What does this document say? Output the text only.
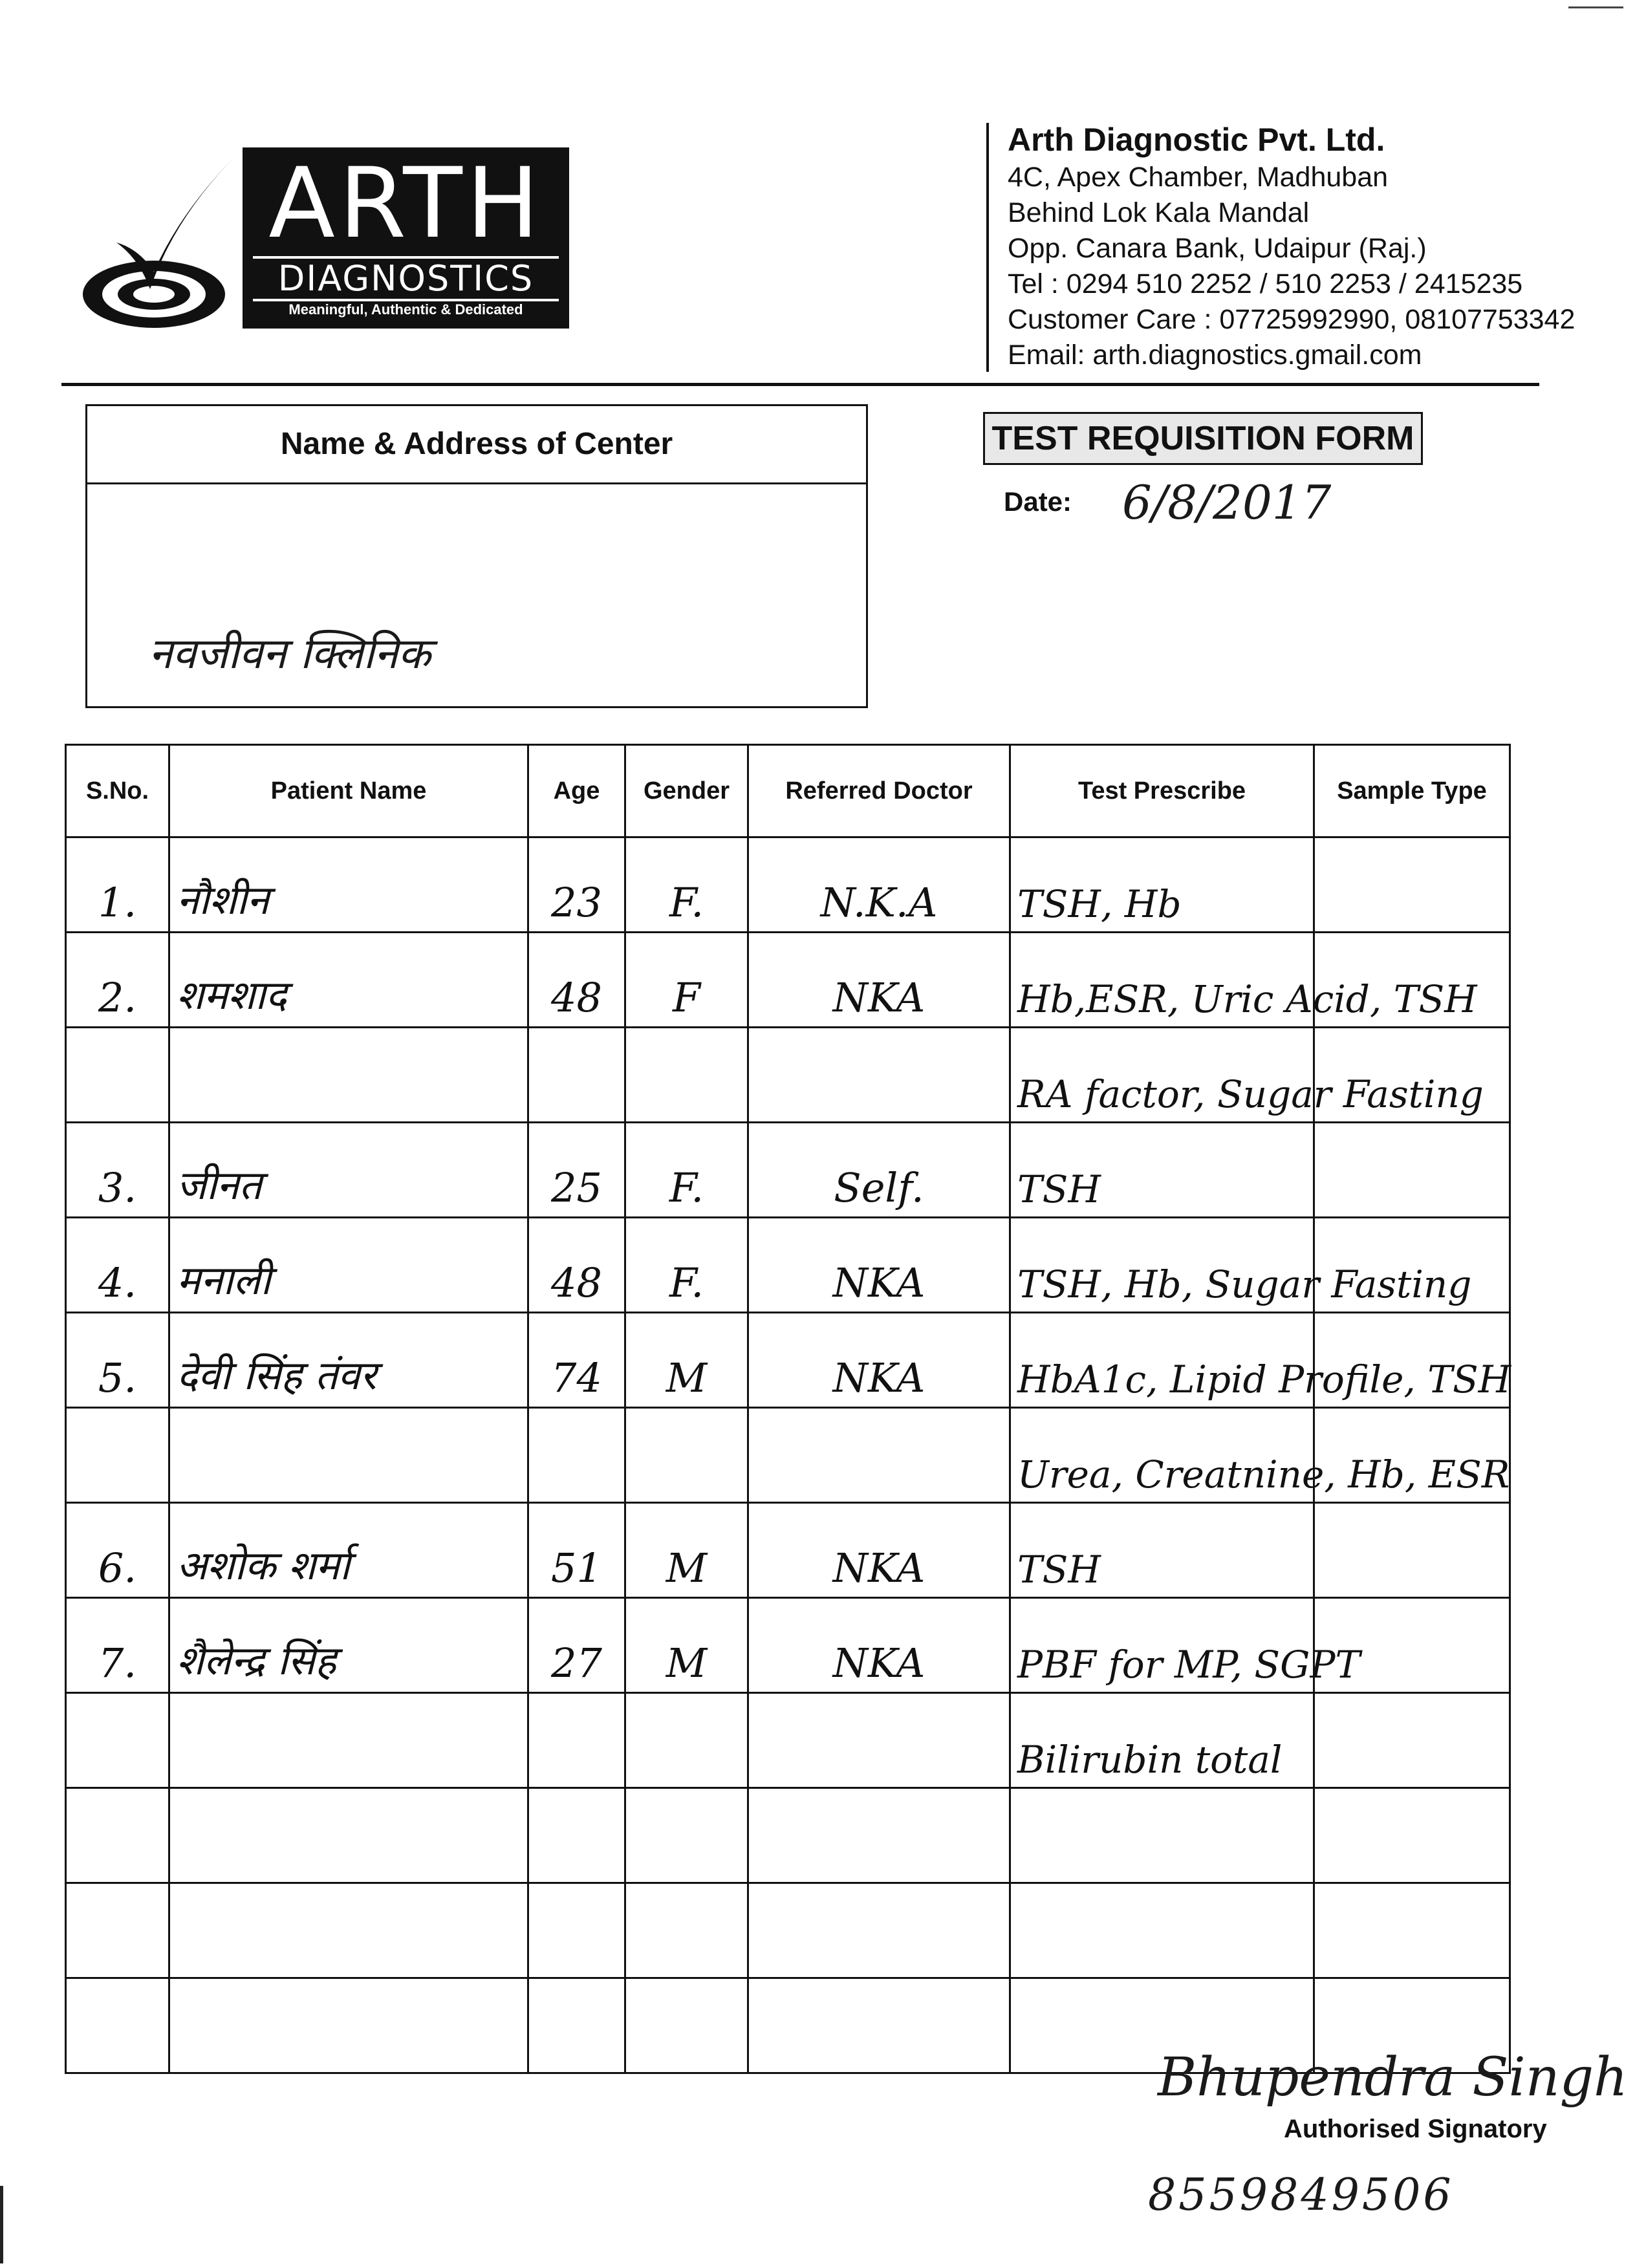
ARTH
DIAGNOSTICS
Meaningful, Authentic & Dedicated
Arth Diagnostic Pvt. Ltd.
4C, Apex Chamber, Madhuban
Behind Lok Kala Mandal
Opp. Canara Bank, Udaipur (Raj.)
Tel : 0294 510 2252 / 510 2253 / 2415235
Customer Care : 07725992990, 08107753342
Email: arth.diagnostics.gmail.com
Name & Address of Center
नवजीवन क्लिनिक
TEST REQUISITION FORM
Date: 6/8/2017
S.No.	Patient Name	Age	Gender	Referred Doctor	Test Prescribe	Sample Type
1.	नौशीन	23	F.	N.K.A	TSH, Hb	
2.	शमशाद	48	F	NKA	Hb,ESR, Uric Acid, TSH	
					RA factor, Sugar Fasting	
3.	जीनत	25	F.	Self.	TSH	
4.	मनाली	48	F.	NKA	TSH, Hb, Sugar Fasting	
5.	देवी सिंह तंवर	74	M	NKA	HbA1c, Lipid Profile, TSH	
					Urea, Creatnine, Hb, ESR	
6.	अशोक शर्मा	51	M	NKA	TSH	
7.	शैलेन्द्र सिंह	27	M	NKA	PBF for MP, SGPT	
					Bilirubin total	

Bhupendra Singh
Authorised Signatory
8559849506
